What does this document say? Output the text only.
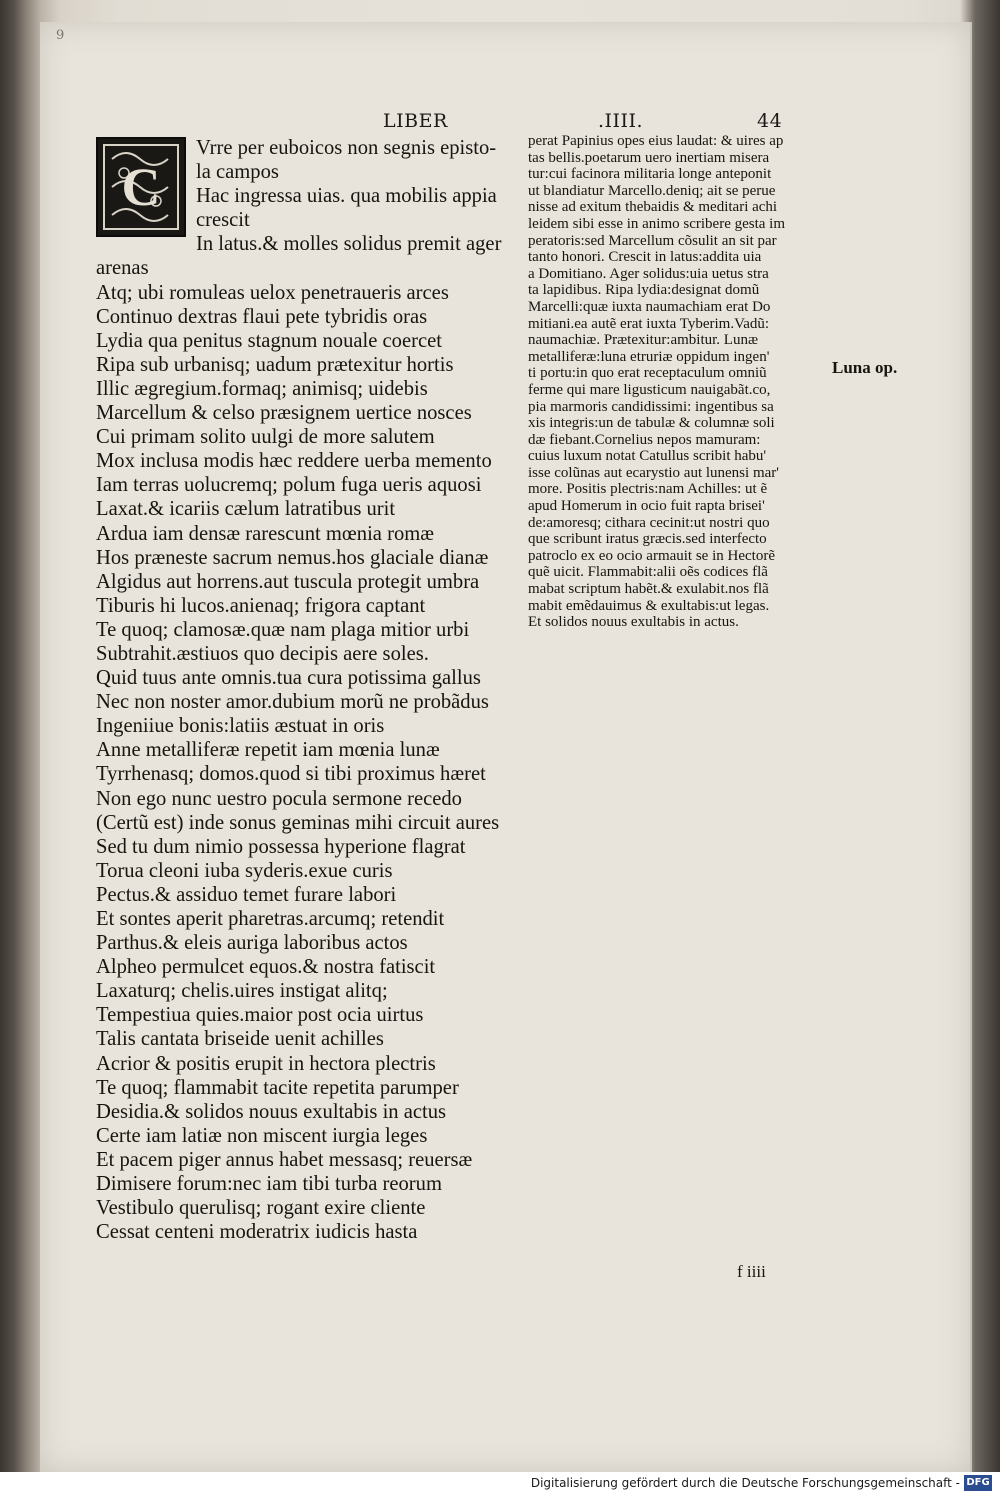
9
LIBER	.IIII.	44
C
Vrre per euboicos non segnis episto-
la campos
Hac ingressa uias. qua mobilis appia
crescit
In latus.& molles solidus premit ager
arenas
Atq; ubi romuleas uelox penetraueris arces
Continuo dextras flaui pete tybridis oras
Lydia qua penitus stagnum nouale coercet
Ripa sub urbanisq; uadum prætexitur hortis
Illic ægregium.formaq; animisq; uidebis
Marcellum & celso præsignem uertice nosces
Cui primam solito uulgi de more salutem
Mox inclusa modis hæc reddere uerba memento
Iam terras uolucremq; polum fuga ueris aquosi
Laxat.& icariis cælum latratibus urit
Ardua iam densæ rarescunt mœnia romæ
Hos præneste sacrum nemus.hos glaciale dianæ
Algidus aut horrens.aut tuscula protegit umbra
Tiburis hi lucos.anienaq; frigora captant
Te quoq; clamosæ.quæ nam plaga mitior urbi
Subtrahit.æstiuos quo decipis aere soles.
Quid tuus ante omnis.tua cura potissima gallus
Nec non noster amor.dubium morũ ne probãdus
Ingeniiue bonis:latiis æstuat in oris
Anne metalliferæ repetit iam mœnia lunæ
Tyrrhenasq; domos.quod si tibi proximus hæret
Non ego nunc uestro pocula sermone recedo
(Certũ est) inde sonus geminas mihi circuit aures
Sed tu dum nimio possessa hyperione flagrat
Torua cleoni iuba syderis.exue curis
Pectus.& assiduo temet furare labori
Et sontes aperit pharetras.arcumq; retendit
Parthus.& eleis auriga laboribus actos
Alpheo permulcet equos.& nostra fatiscit
Laxaturq; chelis.uires instigat alitq;
Tempestiua quies.maior post ocia uirtus
Talis cantata briseide uenit achilles
Acrior & positis erupit in hectora plectris
Te quoq; flammabit tacite repetita parumper
Desidia.& solidos nouus exultabis in actus
Certe iam latiæ non miscent iurgia leges
Et pacem piger annus habet messasq; reuersæ
Dimisere forum:nec iam tibi turba reorum
Vestibulo querulisq; rogant exire cliente
Cessat centeni moderatrix iudicis hasta
perat Papinius opes eius laudat: & uires ap
tas bellis.poetarum uero inertiam misera
tur:cui facinora militaria longe anteponit
ut blandiatur Marcello.deniq; ait se perue
nisse ad exitum thebaidis & meditari achi
leidem sibi esse in animo scribere gesta im
peratoris:sed Marcellum cõsulit an sit par
tanto honori. Crescit in latus:addita uia
a Domitiano. Ager solidus:uia uetus stra
ta lapidibus. Ripa lydia:designat domũ
Marcelli:quæ iuxta naumachiam erat Do
mitiani.ea autẽ erat iuxta Tyberim.Vadũ:
naumachiæ. Prætexitur:ambitur. Lunæ
metalliferæ:luna etruriæ oppidum ingen'
ti portu:in quo erat receptaculum omniũ
ferme qui mare ligusticum nauigabãt.co,
pia marmoris candidissimi: ingentibus sa
xis integris:un de tabulæ & columnæ soli
dæ fiebant.Cornelius nepos mamuram:
cuius luxum notat Catullus scribit habu'
isse colũnas aut ecarystio aut lunensi mar'
more. Positis plectris:nam Achilles: ut ẽ
apud Homerum in ocio fuit rapta brisei'
de:amoresq; cithara cecinit:ut nostri quo
que scribunt iratus græcis.sed interfecto
patroclo ex eo ocio armauit se in Hectorẽ
quẽ uicit. Flammabit:alii oẽs codices flã
mabat scriptum habẽt.& exulabit.nos flã
mabit emẽdauimus & exultabis:ut legas.
Et solidos nouus exultabis in actus.
Luna op.
f iiii
Digitalisierung gefördert durch die Deutsche Forschungsgemeinschaft - DFG
